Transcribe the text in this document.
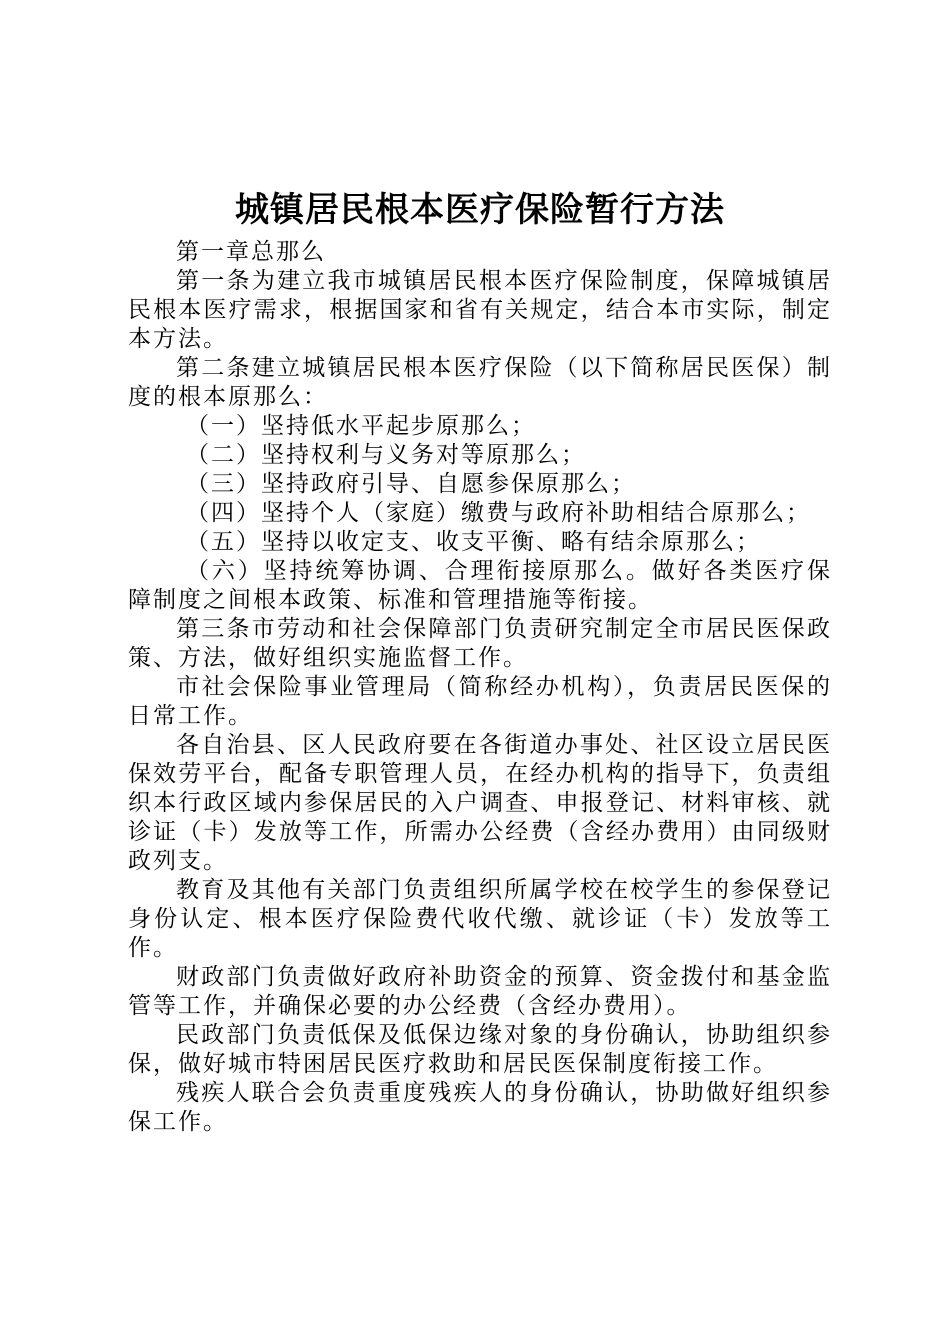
城镇居民根本医疗保险暂行方法

第一章总那么

第一条为建立我市城镇居民根本医疗保险制度，保障城镇居民根本医疗需求，根据国家和省有关规定，结合本市实际，制定本方法。

第二条建立城镇居民根本医疗保险（以下简称居民医保）制度的根本原那么：

（一）坚持低水平起步原那么；

（二）坚持权利与义务对等原那么；

（三）坚持政府引导、自愿参保原那么；

（四）坚持个人（家庭）缴费与政府补助相结合原那么；

（五）坚持以收定支、收支平衡、略有结余原那么；

（六）坚持统筹协调、合理衔接原那么。做好各类医疗保障制度之间根本政策、标准和管理措施等衔接。

第三条市劳动和社会保障部门负责研究制定全市居民医保政策、方法，做好组织实施监督工作。

市社会保险事业管理局（简称经办机构），负责居民医保的日常工作。

各自治县、区人民政府要在各街道办事处、社区设立居民医保效劳平台，配备专职管理人员，在经办机构的指导下，负责组织本行政区域内参保居民的入户调查、申报登记、材料审核、就诊证（卡）发放等工作，所需办公经费（含经办费用）由同级财政列支。

教育及其他有关部门负责组织所属学校在校学生的参保登记身份认定、根本医疗保险费代收代缴、就诊证（卡）发放等工作。

财政部门负责做好政府补助资金的预算、资金拨付和基金监管等工作，并确保必要的办公经费（含经办费用）。

民政部门负责低保及低保边缘对象的身份确认，协助组织参保，做好城市特困居民医疗救助和居民医保制度衔接工作。

残疾人联合会负责重度残疾人的身份确认，协助做好组织参保工作。
